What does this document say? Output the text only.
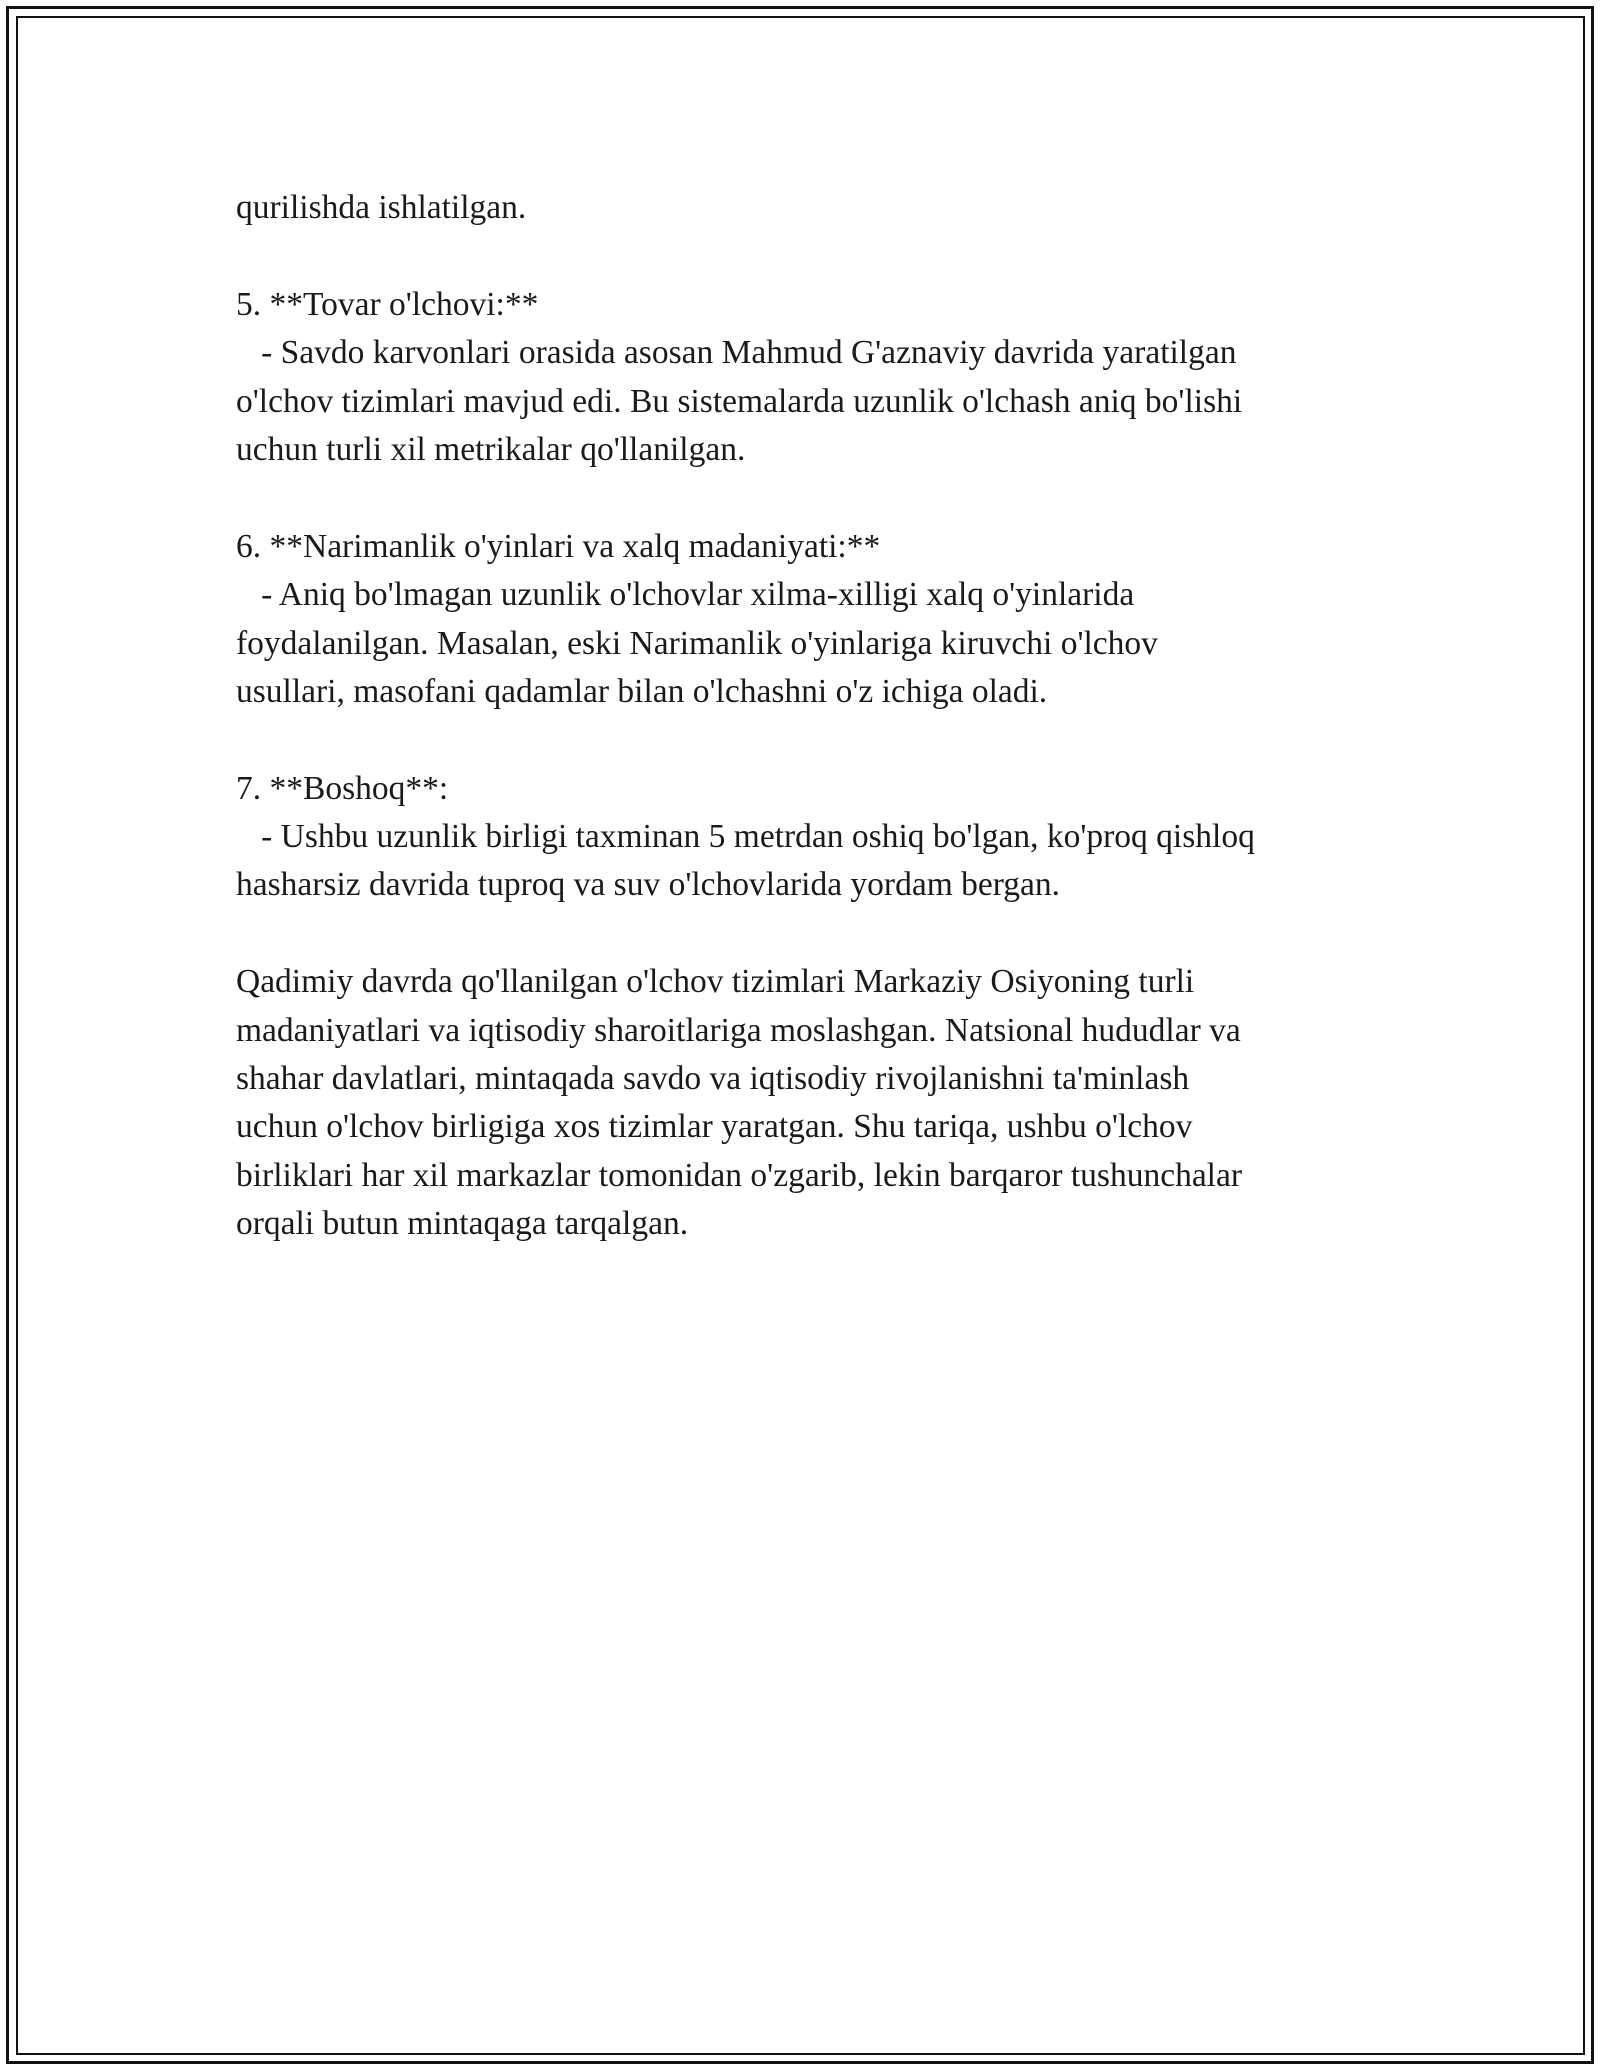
qurilishda ishlatilgan.
5. **Tovar o'lchovi:**
- Savdo karvonlari orasida asosan Mahmud G'aznaviy davrida yaratilgan
o'lchov tizimlari mavjud edi. Bu sistemalarda uzunlik o'lchash aniq bo'lishi
uchun turli xil metrikalar qo'llanilgan.
6. **Narimanlik o'yinlari va xalq madaniyati:**
- Aniq bo'lmagan uzunlik o'lchovlar xilma-xilligi xalq o'yinlarida
foydalanilgan. Masalan, eski Narimanlik o'yinlariga kiruvchi o'lchov
usullari, masofani qadamlar bilan o'lchashni o'z ichiga oladi.
7. **Boshoq**:
- Ushbu uzunlik birligi taxminan 5 metrdan oshiq bo'lgan, ko'proq qishloq
hasharsiz davrida tuproq va suv o'lchovlarida yordam bergan.
Qadimiy davrda qo'llanilgan o'lchov tizimlari Markaziy Osiyoning turli
madaniyatlari va iqtisodiy sharoitlariga moslashgan. Natsional hududlar va
shahar davlatlari, mintaqada savdo va iqtisodiy rivojlanishni ta'minlash
uchun o'lchov birligiga xos tizimlar yaratgan. Shu tariqa, ushbu o'lchov
birliklari har xil markazlar tomonidan o'zgarib, lekin barqaror tushunchalar
orqali butun mintaqaga tarqalgan.
